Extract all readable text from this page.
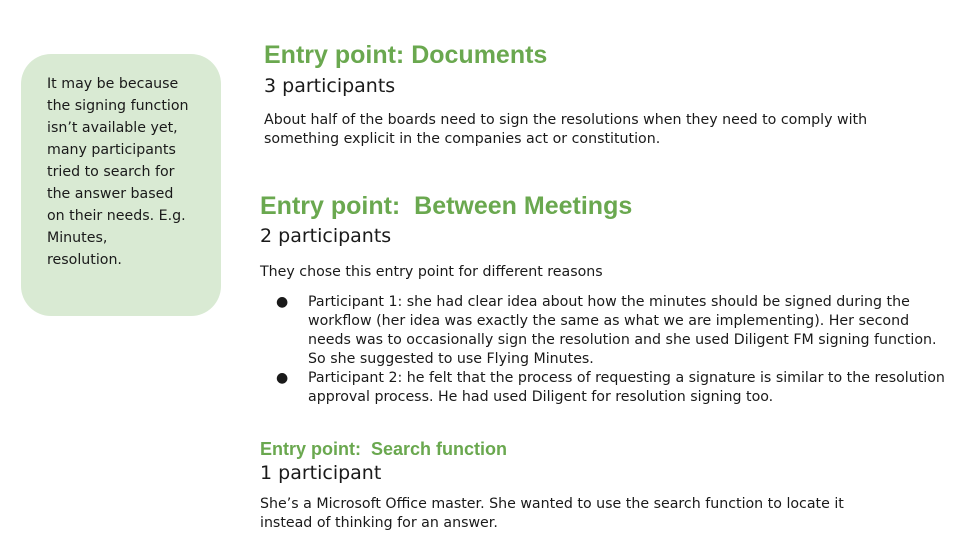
It may be because
the signing function
isn’t available yet,
many participants
tried to search for
the answer based
on their needs. E.g.
Minutes,
resolution.
Entry point: Documents

3 participants

About half of the boards need to sign the resolutions when they need to comply with something explicit in the companies act or constitution.

Entry point:  Between Meetings

2 participants

They chose this entry point for different reasons

● Participant 1: she had clear idea about how the minutes should be signed during the workflow (her idea was exactly the same as what we are implementing). Her second needs was to occasionally sign the resolution and she used Diligent FM signing function. So she suggested to use Flying Minutes.
● Participant 2: he felt that the process of requesting a signature is similar to the resolution approval process. He had used Diligent for resolution signing too.
Entry point:  Search function

1 participant

She’s a Microsoft Office master. She wanted to use the search function to locate it instead of thinking for an answer.
